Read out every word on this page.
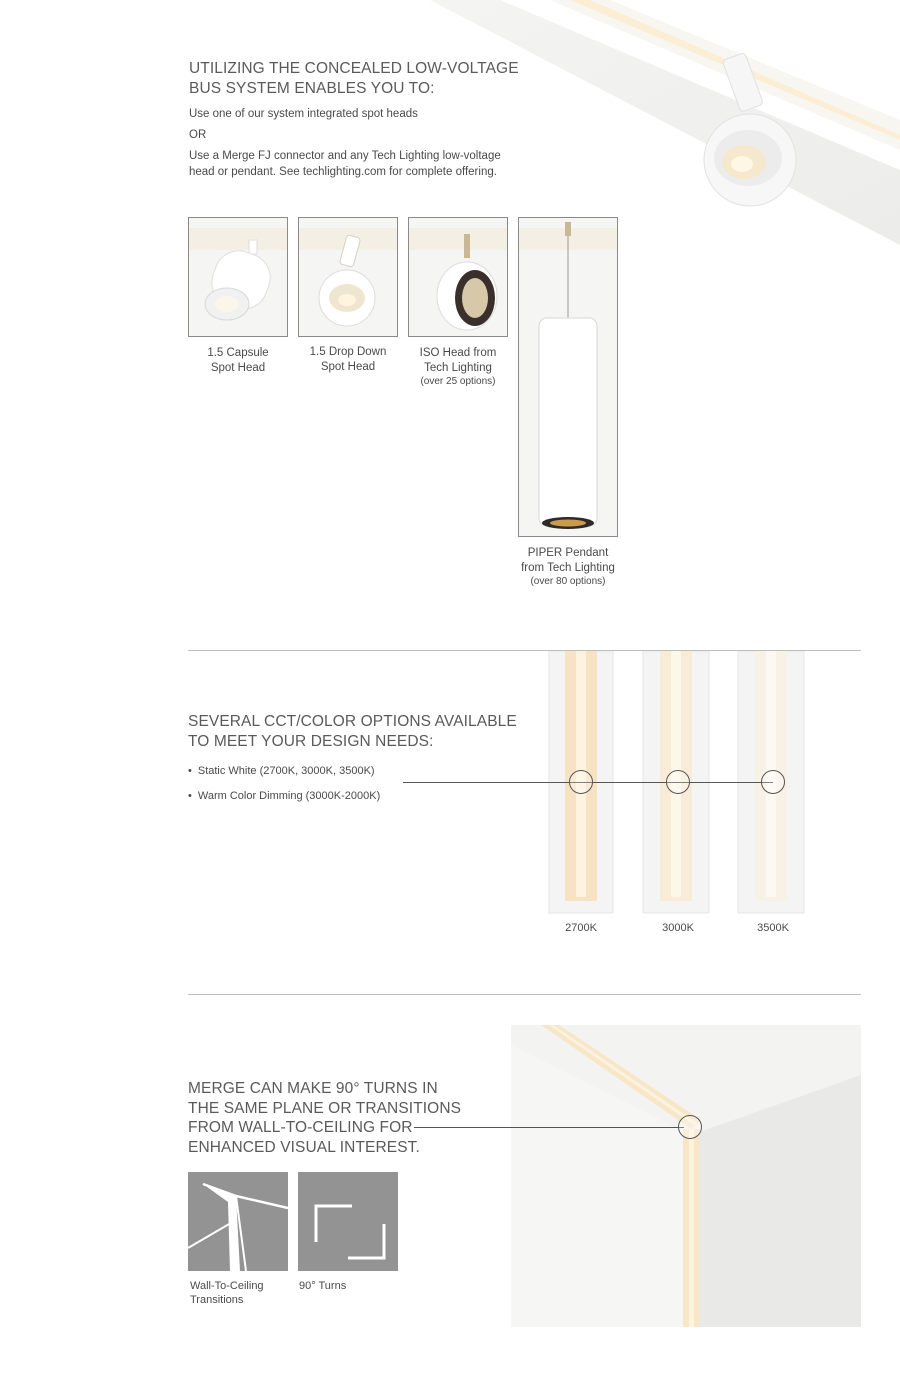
UTILIZING THE CONCEALED LOW-VOLTAGE

BUS SYSTEM ENABLES YOU TO:

Use one of our system integrated spot heads

OR

Use a Merge FJ connector and any Tech Lighting low-voltage

head or pendant. See techlighting.com for complete offering.

1.5 Capsule
Spot Head
1.5 Drop Down
Spot Head
ISO Head from
Tech Lighting
(over 25 options)
PIPER Pendant
from Tech Lighting
(over 80 options)

SEVERAL CCT/COLOR OPTIONS AVAILABLE

TO MEET YOUR DESIGN NEEDS:

• Static White (2700K, 3000K, 3500K)
• Warm Color Dimming (3000K-2000K)
2700K	3000K	3500K

MERGE CAN MAKE 90° TURNS IN

THE SAME PLANE OR TRANSITIONS

FROM WALL-TO-CEILING FOR

ENHANCED VISUAL INTEREST.

Wall-To-Ceiling
Transitions
90° Turns
